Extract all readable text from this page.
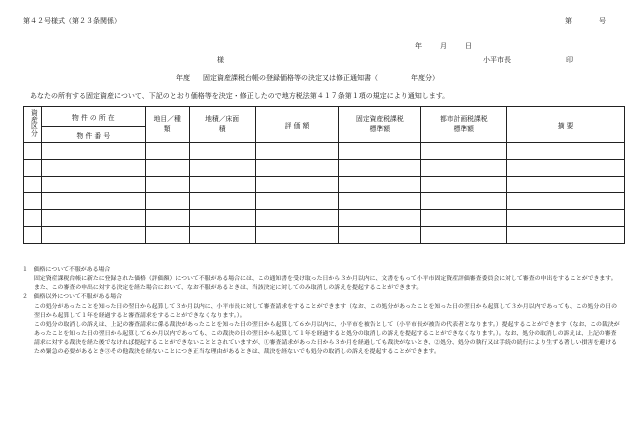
第４２号様式（第２３条関係）	第	号
年	月	日
様	小平市長	印
年度 固定資産課税台帳の登録価格等の決定又は修正通知書（	年度分）
あなたの所有する固定資産について、下記のとおり価格等を決定・修正したので地方税法第４１７条第１項の規定により通知します。
資産区分	物 件 の 所 在	地目／種類	地積／床面積	評 価 額	固定資産税課税標準額	都市計画税課税標準額	摘 要
	物 件 番 号						

１　価格について不服がある場合

固定資産課税台帳に新たに登録された価格（評価額）について不服がある場合には、この通知書を受け取った日から３か月以内に、文書をもって小平市固定資産評価審査委員会に対して審査の申出をすることができます。

また、この審査の申出に対する決定を経た場合において、なお不服があるときは、当該決定に対してのみ取消しの訴えを提起することができます。

２　価格以外について不服がある場合

この処分があったことを知った日の翌日から起算して３か月以内に、小平市長に対して審査請求をすることができます（なお、この処分があったことを知った日の翌日から起算して３か月以内であっても、この処分の日の翌日から起算して１年を経過すると審査請求をすることができなくなります。）。

この処分の取消しの訴えは、上記の審査請求に係る裁決があったことを知った日の翌日から起算して６か月以内に、小平市を被告として（小平市長が被告の代表者となります。）提起することができます（なお、この裁決があったことを知った日の翌日から起算して６か月以内であっても、この裁決の日の翌日から起算して１年を経過すると処分の取消しの訴えを提起することができなくなります。）。なお、処分の取消しの訴えは、上記の審査請求に対する裁決を経た後でなければ提起することができないこととされていますが、①審査請求があった日から３か月を経過しても裁決がないとき、②処分、処分の執行又は手続の続行により生ずる著しい損害を避けるため緊急の必要があるとき③その他裁決を経ないことにつき正当な理由があるときは、裁決を経ないでも処分の取消しの訴えを提起することができます。
